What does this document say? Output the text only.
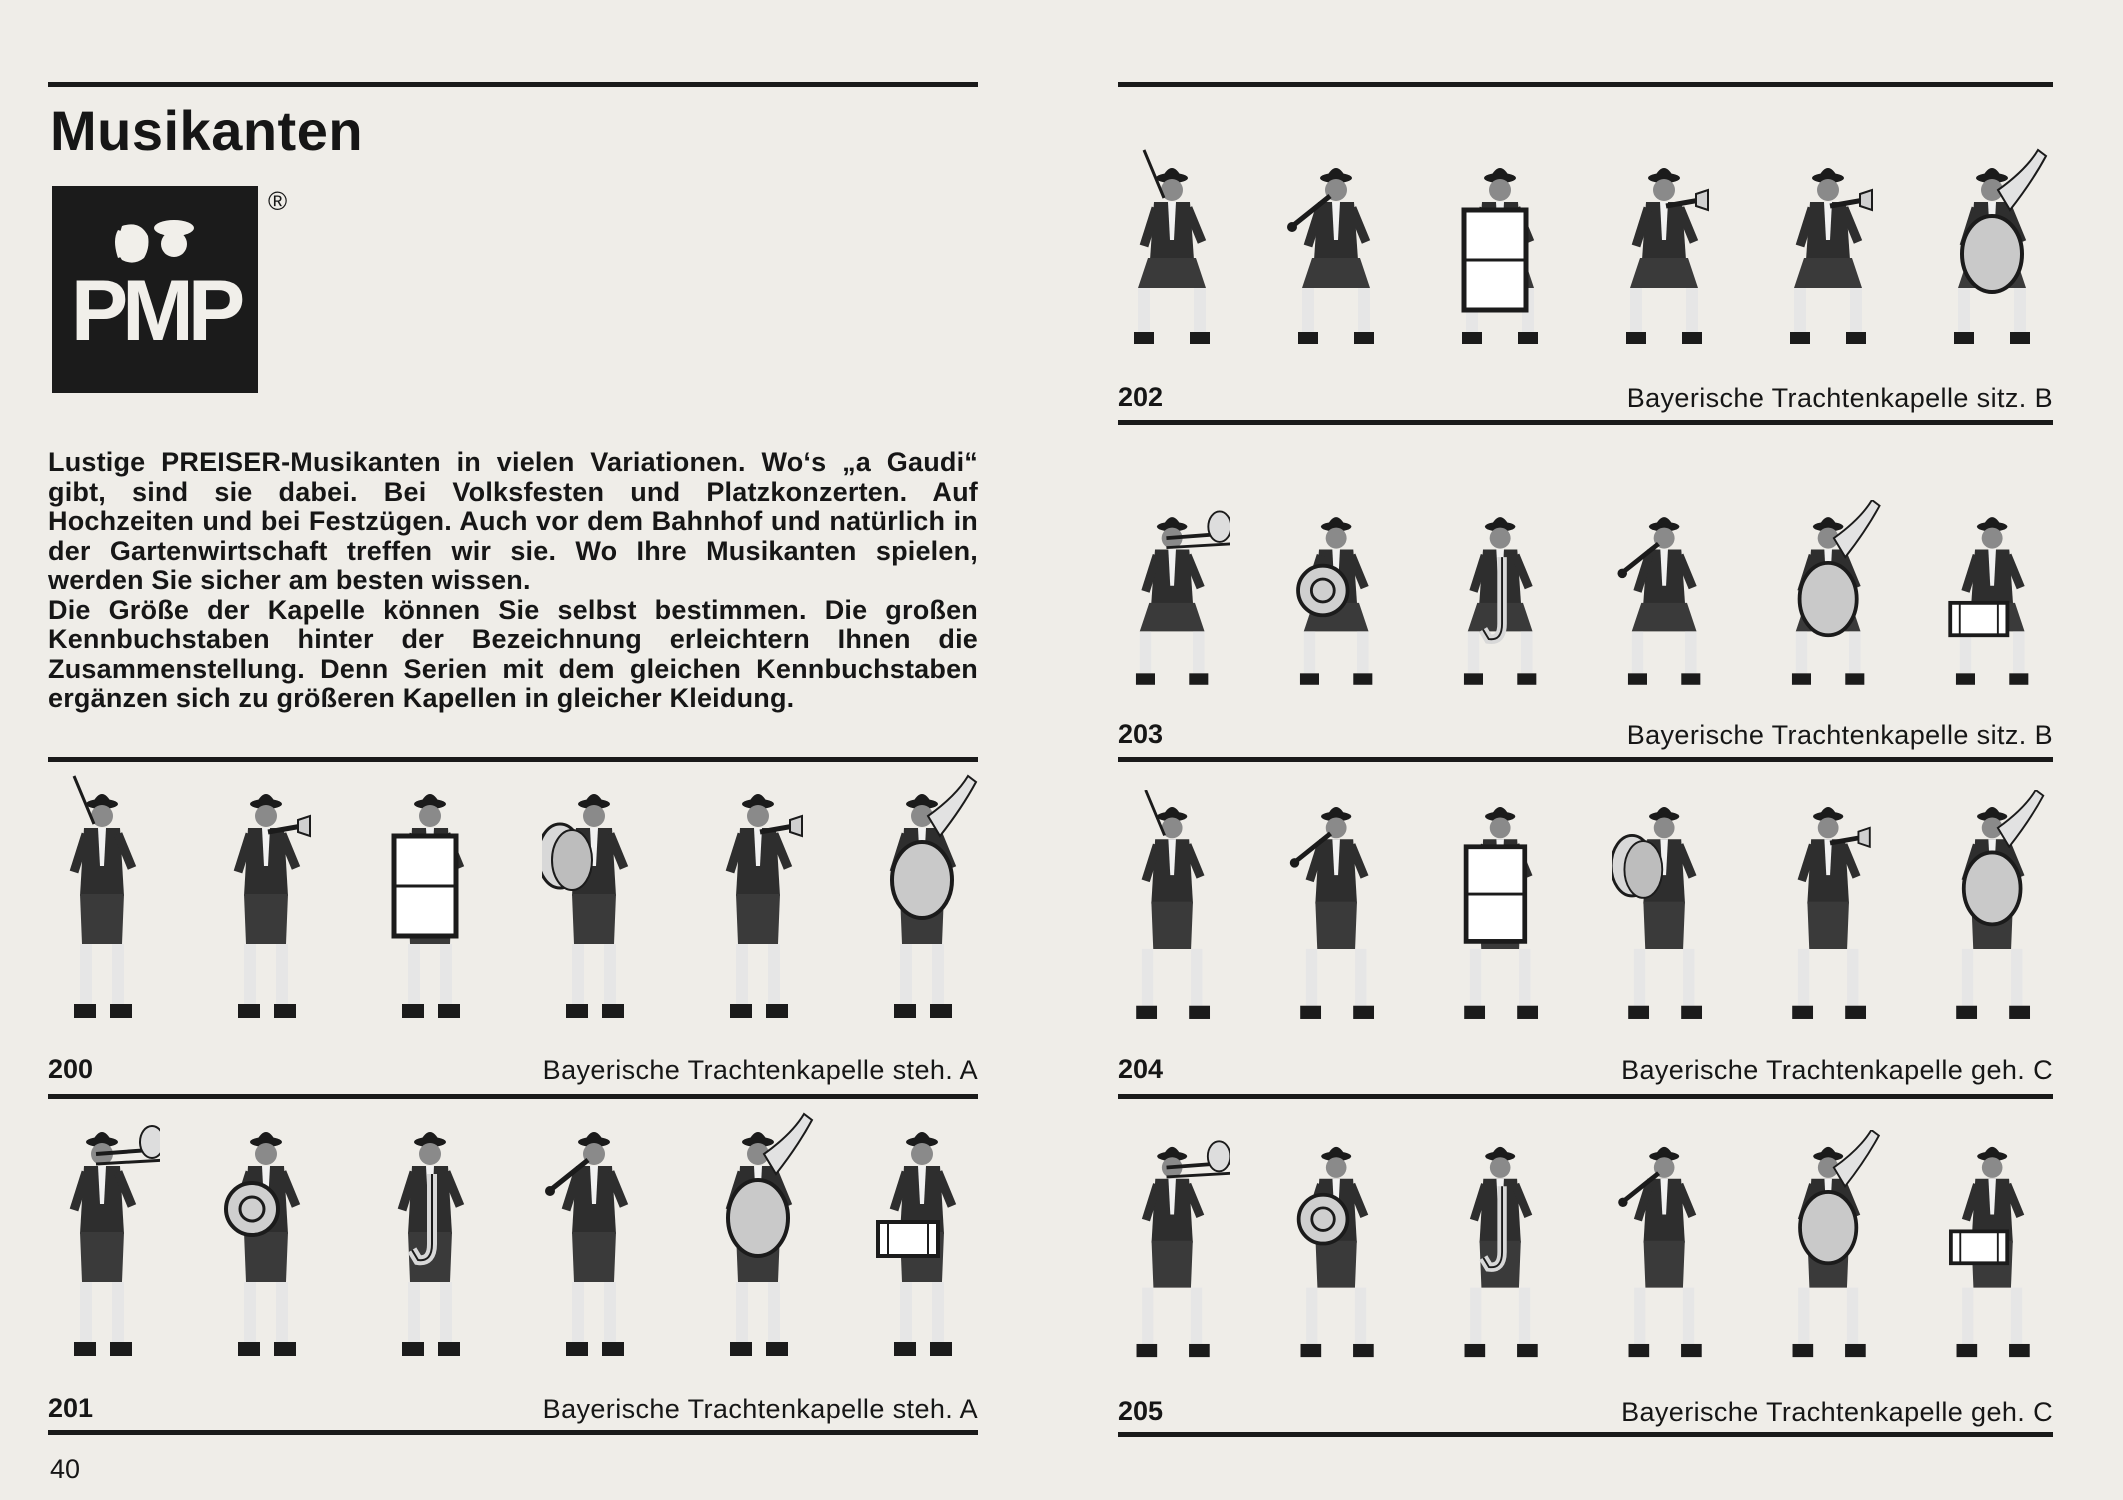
Musikanten
PMP
®

Lustige PREISER-Musikanten in vielen Variationen. Wo‘s „a Gaudi“ gibt, sind sie dabei. Bei Volksfesten und Platzkonzerten. Auf Hochzeiten und bei Festzügen. Auch vor dem Bahnhof und natürlich in der Gartenwirtschaft treffen wir sie. Wo Ihre Musikanten spielen, werden Sie sicher am besten wissen.

Die Größe der Kapelle können Sie selbst bestimmen. Die großen Kennbuchstaben hinter der Bezeichnung erleichtern Ihnen die Zusammenstellung. Denn Serien mit dem gleichen Kennbuchstaben ergänzen sich zu größeren Kapellen in gleicher Kleidung.

200	Bayerische Trachtenkapelle steh. A
201	Bayerische Trachtenkapelle steh. A
40
202	Bayerische Trachtenkapelle sitz. B
203	Bayerische Trachtenkapelle sitz. B
204	Bayerische Trachtenkapelle geh. C
205	Bayerische Trachtenkapelle geh. C
